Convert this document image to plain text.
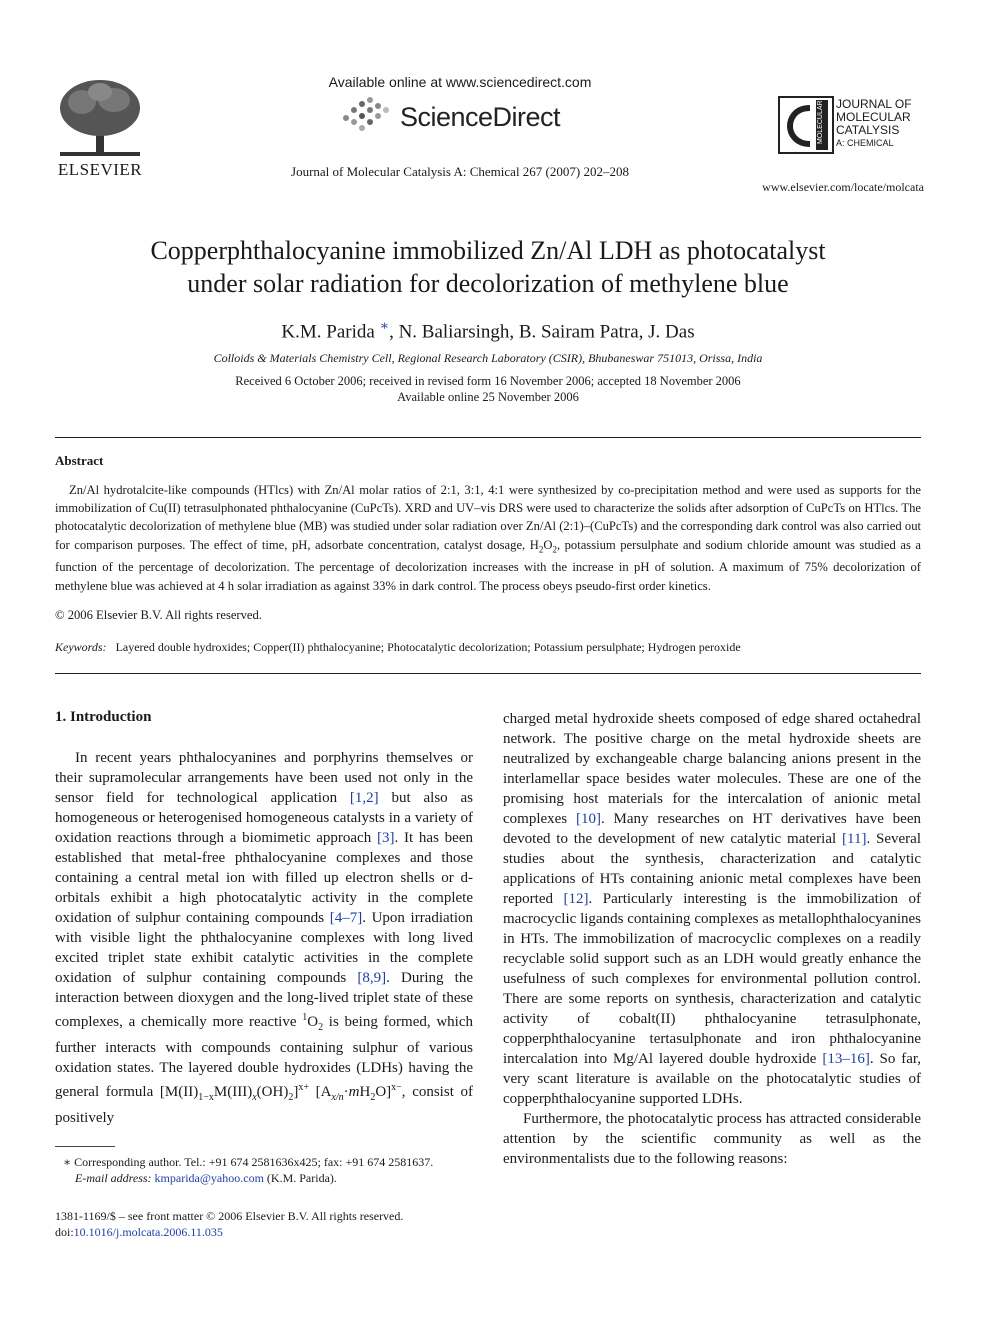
ELSEVIER
Available online at www.sciencedirect.com
ScienceDirect
Journal of Molecular Catalysis A: Chemical 267 (2007) 202–208
MOLECULAR JOURNAL OF
MOLECULAR
CATALYSIS
A: CHEMICAL
www.elsevier.com/locate/molcata
Copperphthalocyanine immobilized Zn/Al LDH as photocatalyst
under solar radiation for decolorization of methylene blue
K.M. Parida ∗, N. Baliarsingh, B. Sairam Patra, J. Das
Colloids & Materials Chemistry Cell, Regional Research Laboratory (CSIR), Bhubaneswar 751013, Orissa, India
Received 6 October 2006; received in revised form 16 November 2006; accepted 18 November 2006
Available online 25 November 2006
Abstract
Zn/Al hydrotalcite-like compounds (HTlcs) with Zn/Al molar ratios of 2:1, 3:1, 4:1 were synthesized by co-precipitation method and were used as supports for the immobilization of Cu(II) tetrasulphonated phthalocyanine (CuPcTs). XRD and UV–vis DRS were used to characterize the solids after adsorption of CuPcTs on HTlcs. The photocatalytic decolorization of methylene blue (MB) was studied under solar radiation over Zn/Al (2:1)–(CuPcTs) and the corresponding dark control was also carried out for comparison purposes. The effect of time, pH, adsorbate concentration, catalyst dosage, $H_2O_2$, potassium persulphate and sodium chloride amount was studied as a function of the percentage of decolorization. The percentage of decolorization increases with the increase in pH of solution. A maximum of 75% decolorization of methylene blue was achieved at 4 h solar irradiation as against 33% in dark control. The process obeys pseudo-first order kinetics.
© 2006 Elsevier B.V. All rights reserved.
Keywords: Layered double hydroxides; Copper(II) phthalocyanine; Photocatalytic decolorization; Potassium persulphate; Hydrogen peroxide
1. Introduction

In recent years phthalocyanines and porphyrins themselves or their supramolecular arrangements have been used not only in the sensor field for technological application [1,2] but also as homogeneous or heterogenised homogeneous catalysts in a variety of oxidation reactions through a biomimetic approach [3]. It has been established that metal-free phthalocyanine complexes and those containing a central metal ion with filled up electron shells or d-orbitals exhibit a high photocatalytic activity in the complete oxidation of sulphur containing compounds [4–7]. Upon irradiation with visible light the phthalocyanine complexes with long lived excited triplet state exhibit catalytic activities in the complete oxidation of sulphur containing compounds [8,9]. During the interaction between dioxygen and the long-lived triplet state of these complexes, a chemically more reactive $^1O_2$ is being formed, which further interacts with compounds containing sulphur of various oxidation states. The layered double hydroxides (LDHs) having the general formula $[M(II)_{1-x}M(III)_x(OH)_2]^{x+}$ $[A_{x/n}\cdot mH_2O]^{x-}$, consist of positively

∗ Corresponding author. Tel.: +91 674 2581636x425; fax: +91 674 2581637.
E-mail address: kmparida@yahoo.com (K.M. Parida).
1381-1169/$ – see front matter © 2006 Elsevier B.V. All rights reserved.
doi:10.1016/j.molcata.2006.11.035

charged metal hydroxide sheets composed of edge shared octahedral network. The positive charge on the metal hydroxide sheets are neutralized by exchangeable charge balancing anions present in the interlamellar space besides water molecules. These are one of the promising host materials for the intercalation of anionic metal complexes [10]. Many researches on HT derivatives have been devoted to the development of new catalytic material [11]. Several studies about the synthesis, characterization and catalytic applications of HTs containing anionic metal complexes have been reported [12]. Particularly interesting is the immobilization of macrocyclic ligands containing complexes as metallophthalocyanines in HTs. The immobilization of macrocyclic complexes on a readily recyclable solid support such as an LDH would greatly enhance the usefulness of such complexes for environmental pollution control. There are some reports on synthesis, characterization and catalytic activity of cobalt(II) phthalocyanine tetrasulphonate, copperphthalocyanine tertasulphonate and iron phthalocyanine intercalation into Mg/Al layered double hydroxide [13–16]. So far, very scant literature is available on the photocatalytic studies of copperphthalocyanine supported LDHs.

Furthermore, the photocatalytic process has attracted considerable attention by the scientific community as well as the environmentalists due to the following reasons:
